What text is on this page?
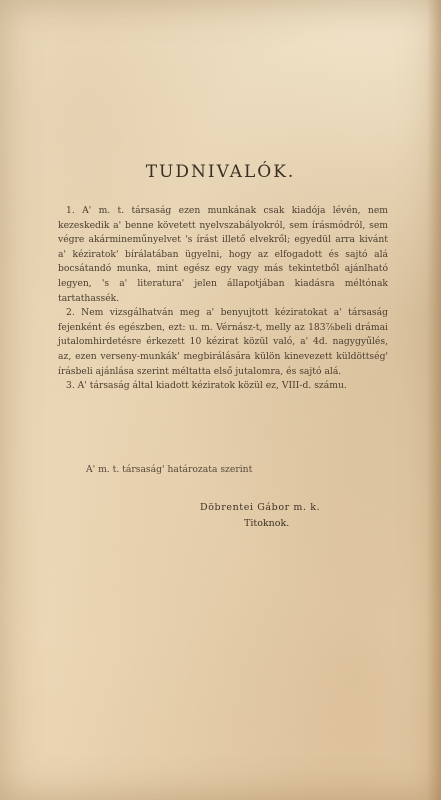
TUDNIVALÓK.

1. A' m. t. társaság ezen munkának csak kiadója lévén, nem kezeskedik a' benne követett nyelvszabályokról, sem írásmódról, sem végre akármineműnyelvet 's írást illető elvekről; egyedül arra kivánt a' kéziratok' bírálatában ügyelni, hogy az elfogadott és sajtó alá bocsátandó munka, mint egész egy vagy más tekintetből ajánlható legyen, 's a' literatura' jelen állapotjában kiadásra méltónak tartathassék.

2. Nem vizsgálhatván meg a' benyujtott kéziratokat a' társaság fejenként és egészben, ezt: u. m. Vérnász-t, melly az 183⅞beli drámai jutalomhirdetésre érkezett 10 kézirat közül való, a' 4d. nagygyűlés, az, ezen verseny-munkák' megbirálására külön kinevezett küldöttség' írásbeli ajánlása szerint méltatta első jutalomra, és sajtó alá.

3. A' társaság által kiadott kéziratok közül ez, VIII-d. számu.

A' m. t. társaság' határozata szerint
Döbrentei Gábor m. k.
Titoknok.
